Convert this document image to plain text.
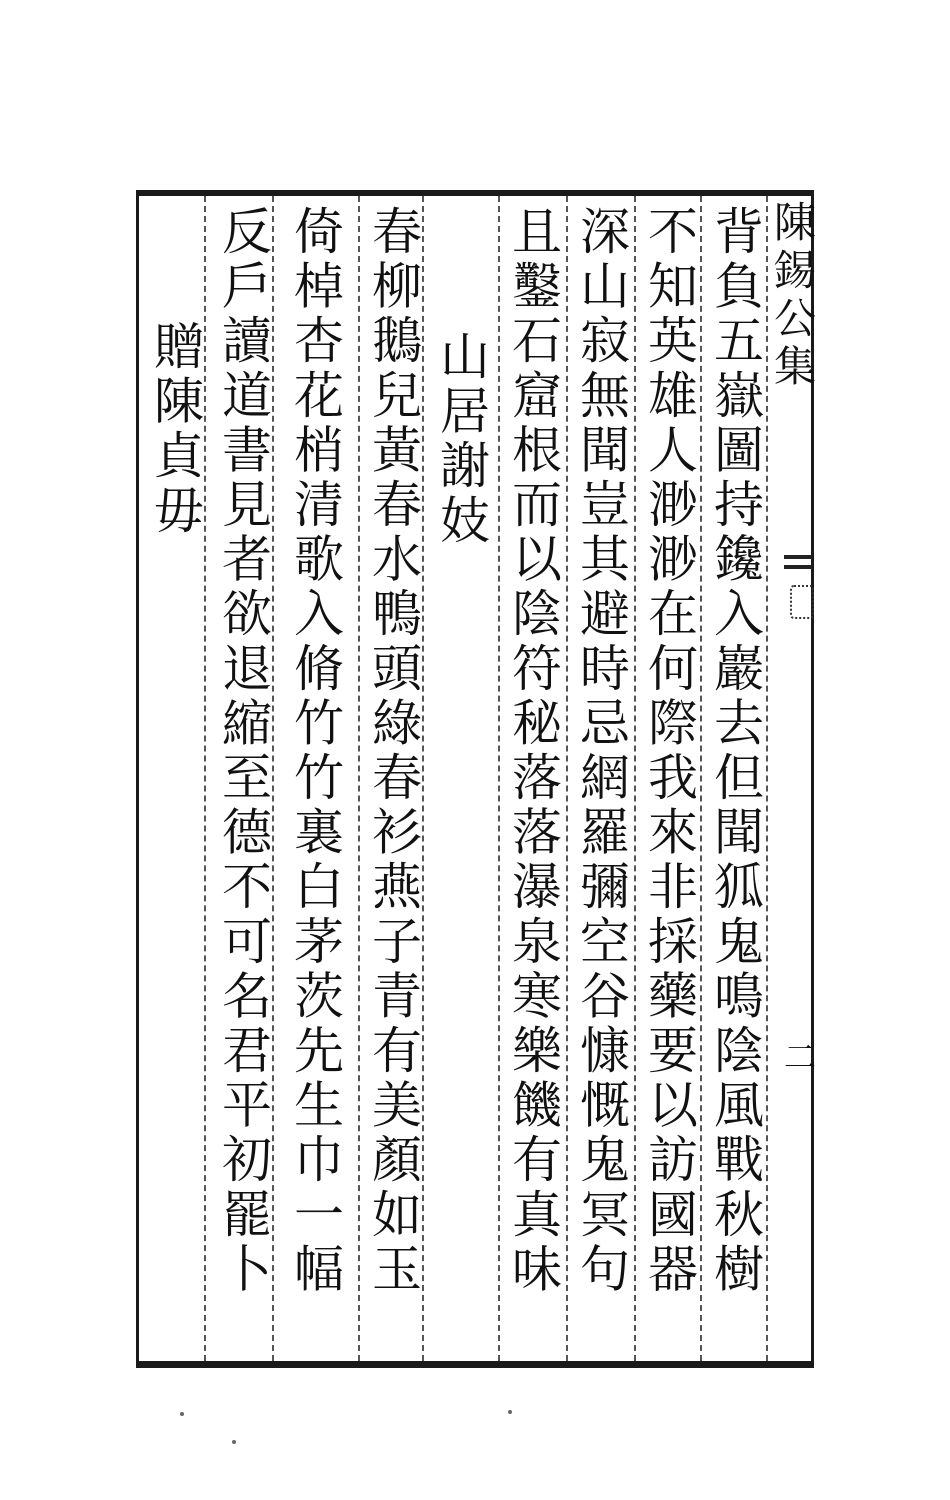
陳錫公集
二
背負五嶽圖持鑱入巖去但聞狐鬼鳴陰風戰秋樹
不知英雄人渺渺在何際我來非採藥要以訪國器
深山寂無聞豈其避時忌網羅彌空谷慷慨鬼冥句
且鑿石窟根而以陰符秘落落瀑泉寒樂饑有真味
山居謝妓
春柳鵝兒黃春水鴨頭綠春衫燕子青有美顏如玉
倚棹杏花梢清歌入脩竹竹裏白茅茨先生巾一幅
反戶讀道書見者欲退縮至德不可名君平初罷卜
贈陳貞毋
